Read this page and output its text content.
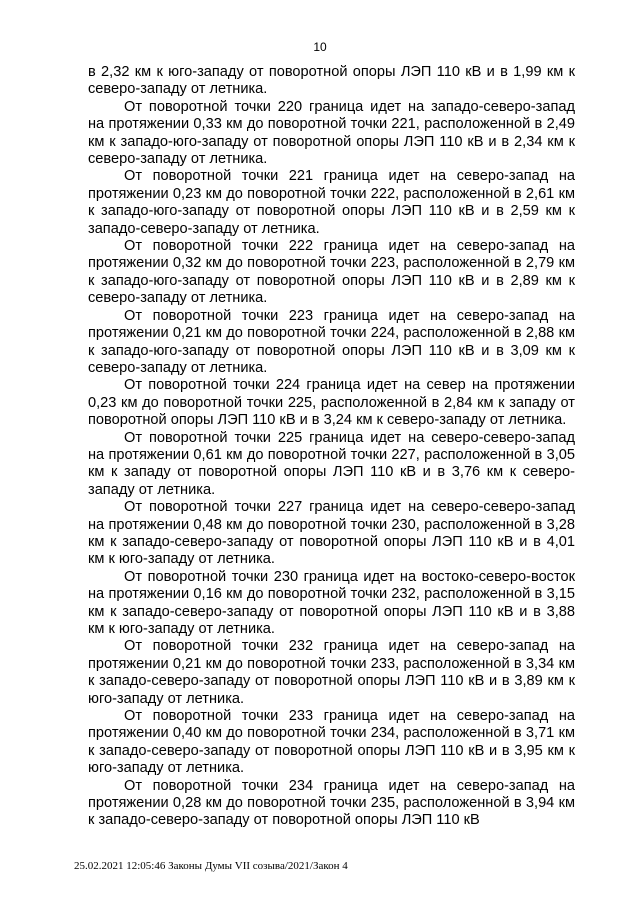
10

в 2,32 км к юго-западу от поворотной опоры ЛЭП 110 кВ и в 1,99 км к северо-западу от летника.

От поворотной точки 220 граница идет на западо-северо-запад на протяжении 0,33 км до поворотной точки 221, расположенной в 2,49 км к западо-юго-западу от поворотной опоры ЛЭП 110 кВ и в 2,34 км к северо-западу от летника.

От поворотной точки 221 граница идет на северо-запад на протяжении 0,23 км до поворотной точки 222, расположенной в 2,61 км к западо-юго-западу от поворотной опоры ЛЭП 110 кВ и в 2,59 км к западо-северо-западу от летника.

От поворотной точки 222 граница идет на северо-запад на протяжении 0,32 км до поворотной точки 223, расположенной в 2,79 км к западо-юго-западу от поворотной опоры ЛЭП 110 кВ и в 2,89 км к северо-западу от летника.

От поворотной точки 223 граница идет на северо-запад на протяжении 0,21 км до поворотной точки 224, расположенной в 2,88 км к западо-юго-западу от поворотной опоры ЛЭП 110 кВ и в 3,09 км к северо-западу от летника.

От поворотной точки 224 граница идет на север на протяжении 0,23 км до поворотной точки 225, расположенной в 2,84 км к западу от поворотной опоры ЛЭП 110 кВ и в 3,24 км к северо-западу от летника.

От поворотной точки 225 граница идет на северо-северо-запад на протяжении 0,61 км до поворотной точки 227, расположенной в 3,05 км к западу от поворотной опоры ЛЭП 110 кВ и в 3,76 км к северо-западу от летника.

От поворотной точки 227 граница идет на северо-северо-запад на протяжении 0,48 км до поворотной точки 230, расположенной в 3,28 км к западо-северо-западу от поворотной опоры ЛЭП 110 кВ и в 4,01 км к юго-западу от летника.

От поворотной точки 230 граница идет на востоко-северо-восток на протяжении 0,16 км до поворотной точки 232, расположенной в 3,15 км к западо-северо-западу от поворотной опоры ЛЭП 110 кВ и в 3,88 км к юго-западу от летника.

От поворотной точки 232 граница идет на северо-запад на протяжении 0,21 км до поворотной точки 233, расположенной в 3,34 км к западо-северо-западу от поворотной опоры ЛЭП 110 кВ и в 3,89 км к юго-западу от летника.

От поворотной точки 233 граница идет на северо-запад на протяжении 0,40 км до поворотной точки 234, расположенной в 3,71 км к западо-северо-западу от поворотной опоры ЛЭП 110 кВ и в 3,95 км к юго-западу от летника.

От поворотной точки 234 граница идет на северо-запад на протяжении 0,28 км до поворотной точки 235, расположенной в 3,94 км к западо-северо-западу от поворотной опоры ЛЭП 110 кВ

25.02.2021 12:05:46 Законы Думы VII созыва/2021/Закон 4
